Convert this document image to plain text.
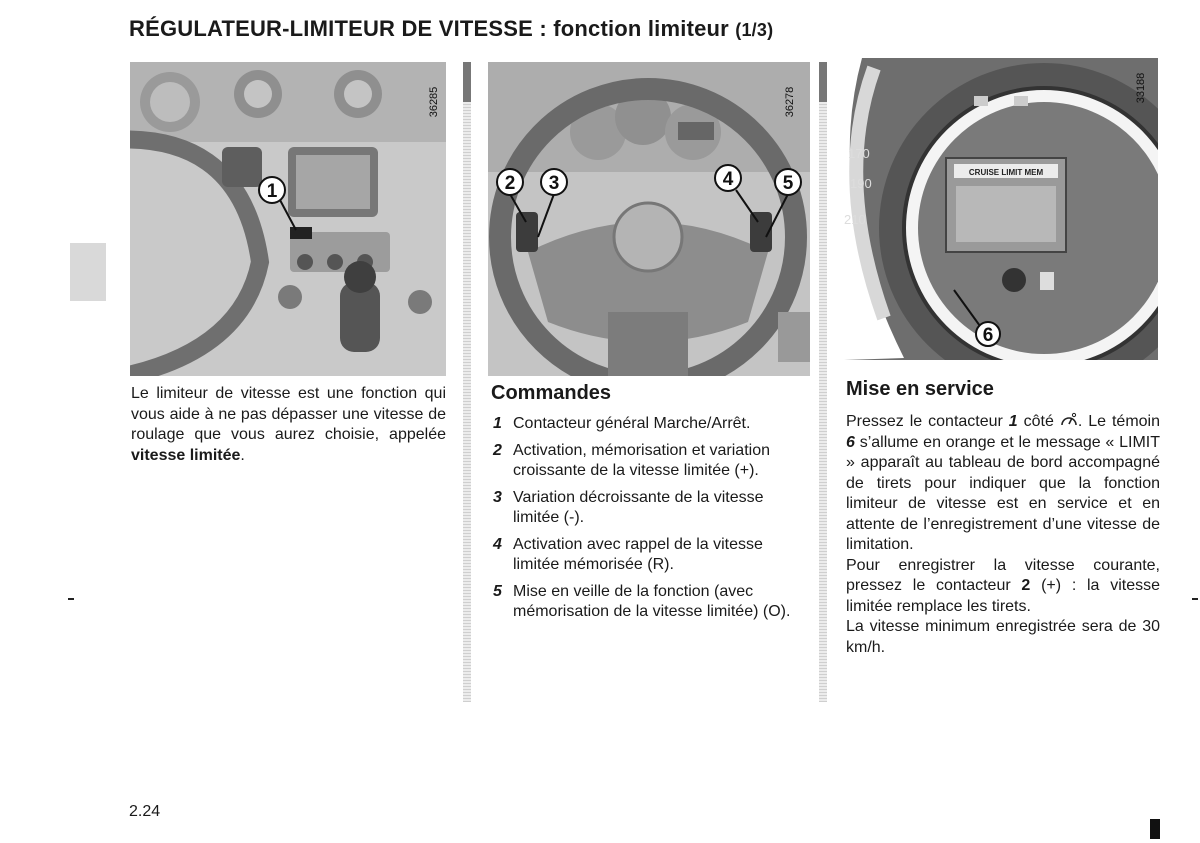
RÉGULATEUR-LIMITEUR DE VITESSE : fonction limiteur (1/3)
1
36285
2 3	4	5
36278
170
190
210
CRUISE LIMIT MEM
6
33188

Le limiteur de vitesse est une fonction qui vous aide à ne pas dépasser une vitesse de roulage que vous aurez choisie, appelée vitesse limitée.

Commandes
1 Contacteur général Marche/Arrêt.
2 Activation, mémorisation et variation croissante de la vitesse limitée (+).
3 Variation décroissante de la vitesse limitée (-).
4 Activation avec rappel de la vitesse limitée mémorisée (R).
5 Mise en veille de la fonction (avec mémorisation de la vitesse limitée) (O).
Mise en service

Pressez le contacteur 1 côté . Le témoin 6 s’allume en orange et le message « LIMIT » apparaît au tableau de bord accompagné de tirets pour indiquer que la fonction limiteur de vitesse est en service et en attente de l’enregistrement d’une vitesse de limitation.

Pour enregistrer la vitesse courante, pressez le contacteur 2 (+) : la vitesse limitée remplace les tirets.

La vitesse minimum enregistrée sera de 30 km/h.

2.24
